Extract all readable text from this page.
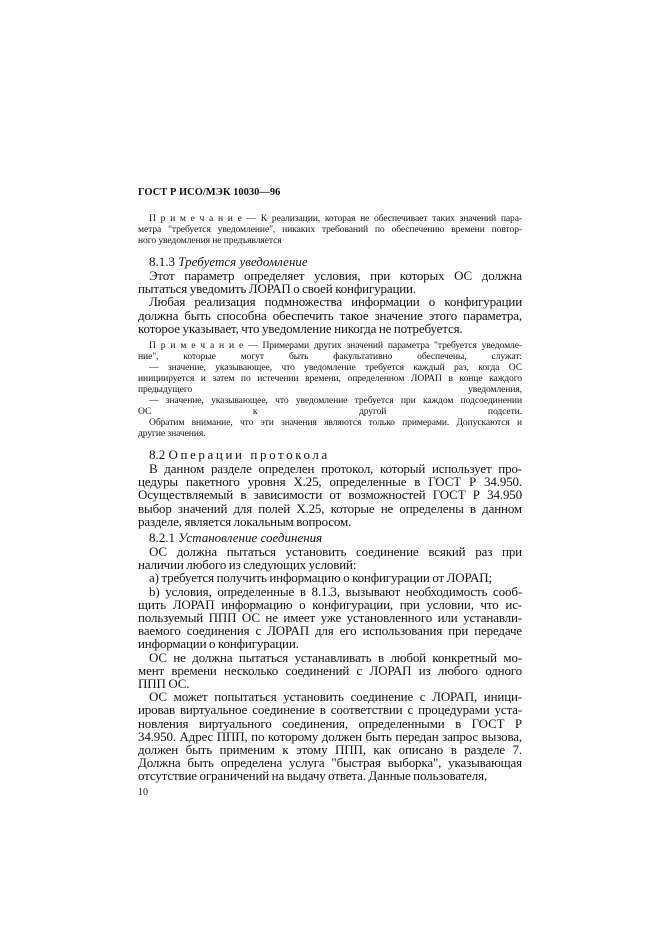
ГОСТ Р ИСО/МЭК 10030—96
П р и м е ч а н и е — К реализации, которая не обеспечивает таких значений пара-
метра "требуется уведомление", никаких требований по обеспечению времени повтор-
ного уведомления не предъявляется
8.1.3 Требуется уведомление
Этот параметр определяет условия, при которых ОС должна
пытаться уведомить ЛОРАП о своей конфигурации.
Любая реализация подмножества информации о конфигурации
должна быть способна обеспечить такое значение этого параметра,
которое указывает, что уведомление никогда не потребуется.
П р и м е ч а н и е — Примерами других значений параметра "требуется уведомле-
ние", которые могут быть факультативно обеспечены, служат:
— значение, указывающее, что уведомление требуется каждый раз, когда ОС
инициируется и затем по истечении времени, определенном ЛОРАП в конце каждого
предыдущего уведомления,
— значение, указывающее, что уведомление требуется при каждом подсоединении
ОС к другой подсети.
Обратим внимание, что эти значения являются только примерами. Допускаются и
другие значения.
8.2 Операции протокола
В данном разделе определен протокол, который использует про-
цедуры пакетного уровня X.25, определенные в ГОСТ Р 34.950.
Осуществляемый в зависимости от возможностей ГОСТ Р 34.950
выбор значений для полей X.25, которые не определены в данном
разделе, является локальным вопросом.
8.2.1 Установление соединения
ОС должна пытаться установить соединение всякий раз при
наличии любого из следующих условий:
a) требуется получить информацию о конфигурации от ЛОРАП;
b) условия, определенные в 8.1.3, вызывают необходимость сооб-
щить ЛОРАП информацию о конфигурации, при условии, что ис-
пользуемый ППП ОС не имеет уже установленного или устанавли-
ваемого соединения с ЛОРАП для его использования при передаче
информации о конфигурации.
ОС не должна пытаться устанавливать в любой конкретный мо-
мент времени несколько соединений с ЛОРАП из любого одного
ППП ОС.
ОС может попытаться установить соединение с ЛОРАП, иници-
ировав виртуальное соединение в соответствии с процедурами уста-
новления виртуального соединения, определенными в ГОСТ Р
34.950. Адрес ППП, по которому должен быть передан запрос вызова,
должен быть применим к этому ППП, как описано в разделе 7.
Должна быть определена услуга "быстрая выборка", указывающая
отсутствие ограничений на выдачу ответа. Данные пользователя,
10
